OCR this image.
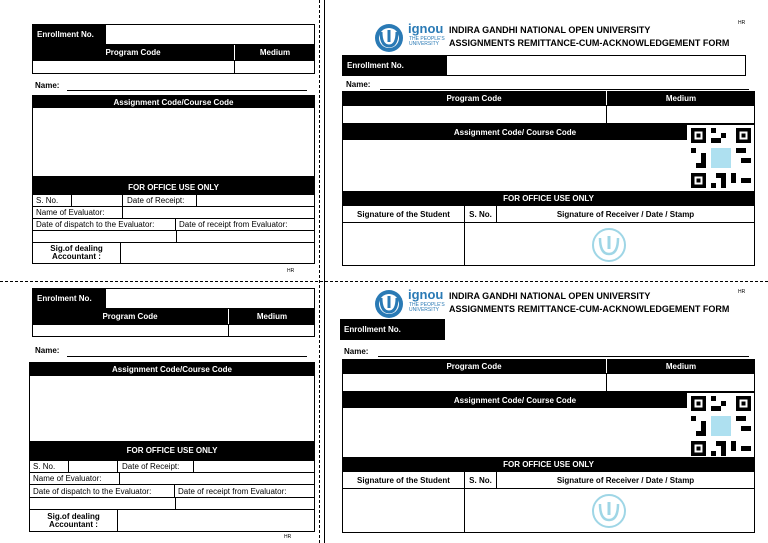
Enrollment No.
Program Code	Medium
Name:
Assignment Code/Course Code
FOR OFFICE USE ONLY
S. No.	Date of Receipt:
Name of Evaluator:
Date of dispatch to the Evaluator:	Date of receipt from Evaluator:
Sig.of dealing Accountant :
HR
Enrolment No.
Program Code	Medium
Name:
Assignment Code/Course Code
FOR OFFICE USE ONLY
S. No.	Date of Receipt:
Name of Evaluator:
Date of dispatch to the Evaluator:	Date of receipt from Evaluator:
Sig.of dealing Accountant :
HR
ignou
THE PEOPLE'S
UNIVERSITY
INDIRA GANDHI NATIONAL OPEN UNIVERSITY
ASSIGNMENTS REMITTANCE-CUM-ACKNOWLEDGEMENT FORM
HR
Enrollment No.
Name:
Program Code	Medium
Assignment Code/ Course Code
FOR OFFICE USE ONLY
Signature of the Student	S. No.	Signature of Receiver / Date / Stamp
ignou
THE PEOPLE'S
UNIVERSITY
INDIRA GANDHI NATIONAL OPEN UNIVERSITY
ASSIGNMENTS REMITTANCE-CUM-ACKNOWLEDGEMENT FORM
HR
Enrollment No.
Name:
Program Code	Medium
Assignment Code/ Course Code
FOR OFFICE USE ONLY
Signature of the Student	S. No.	Signature of Receiver / Date / Stamp
